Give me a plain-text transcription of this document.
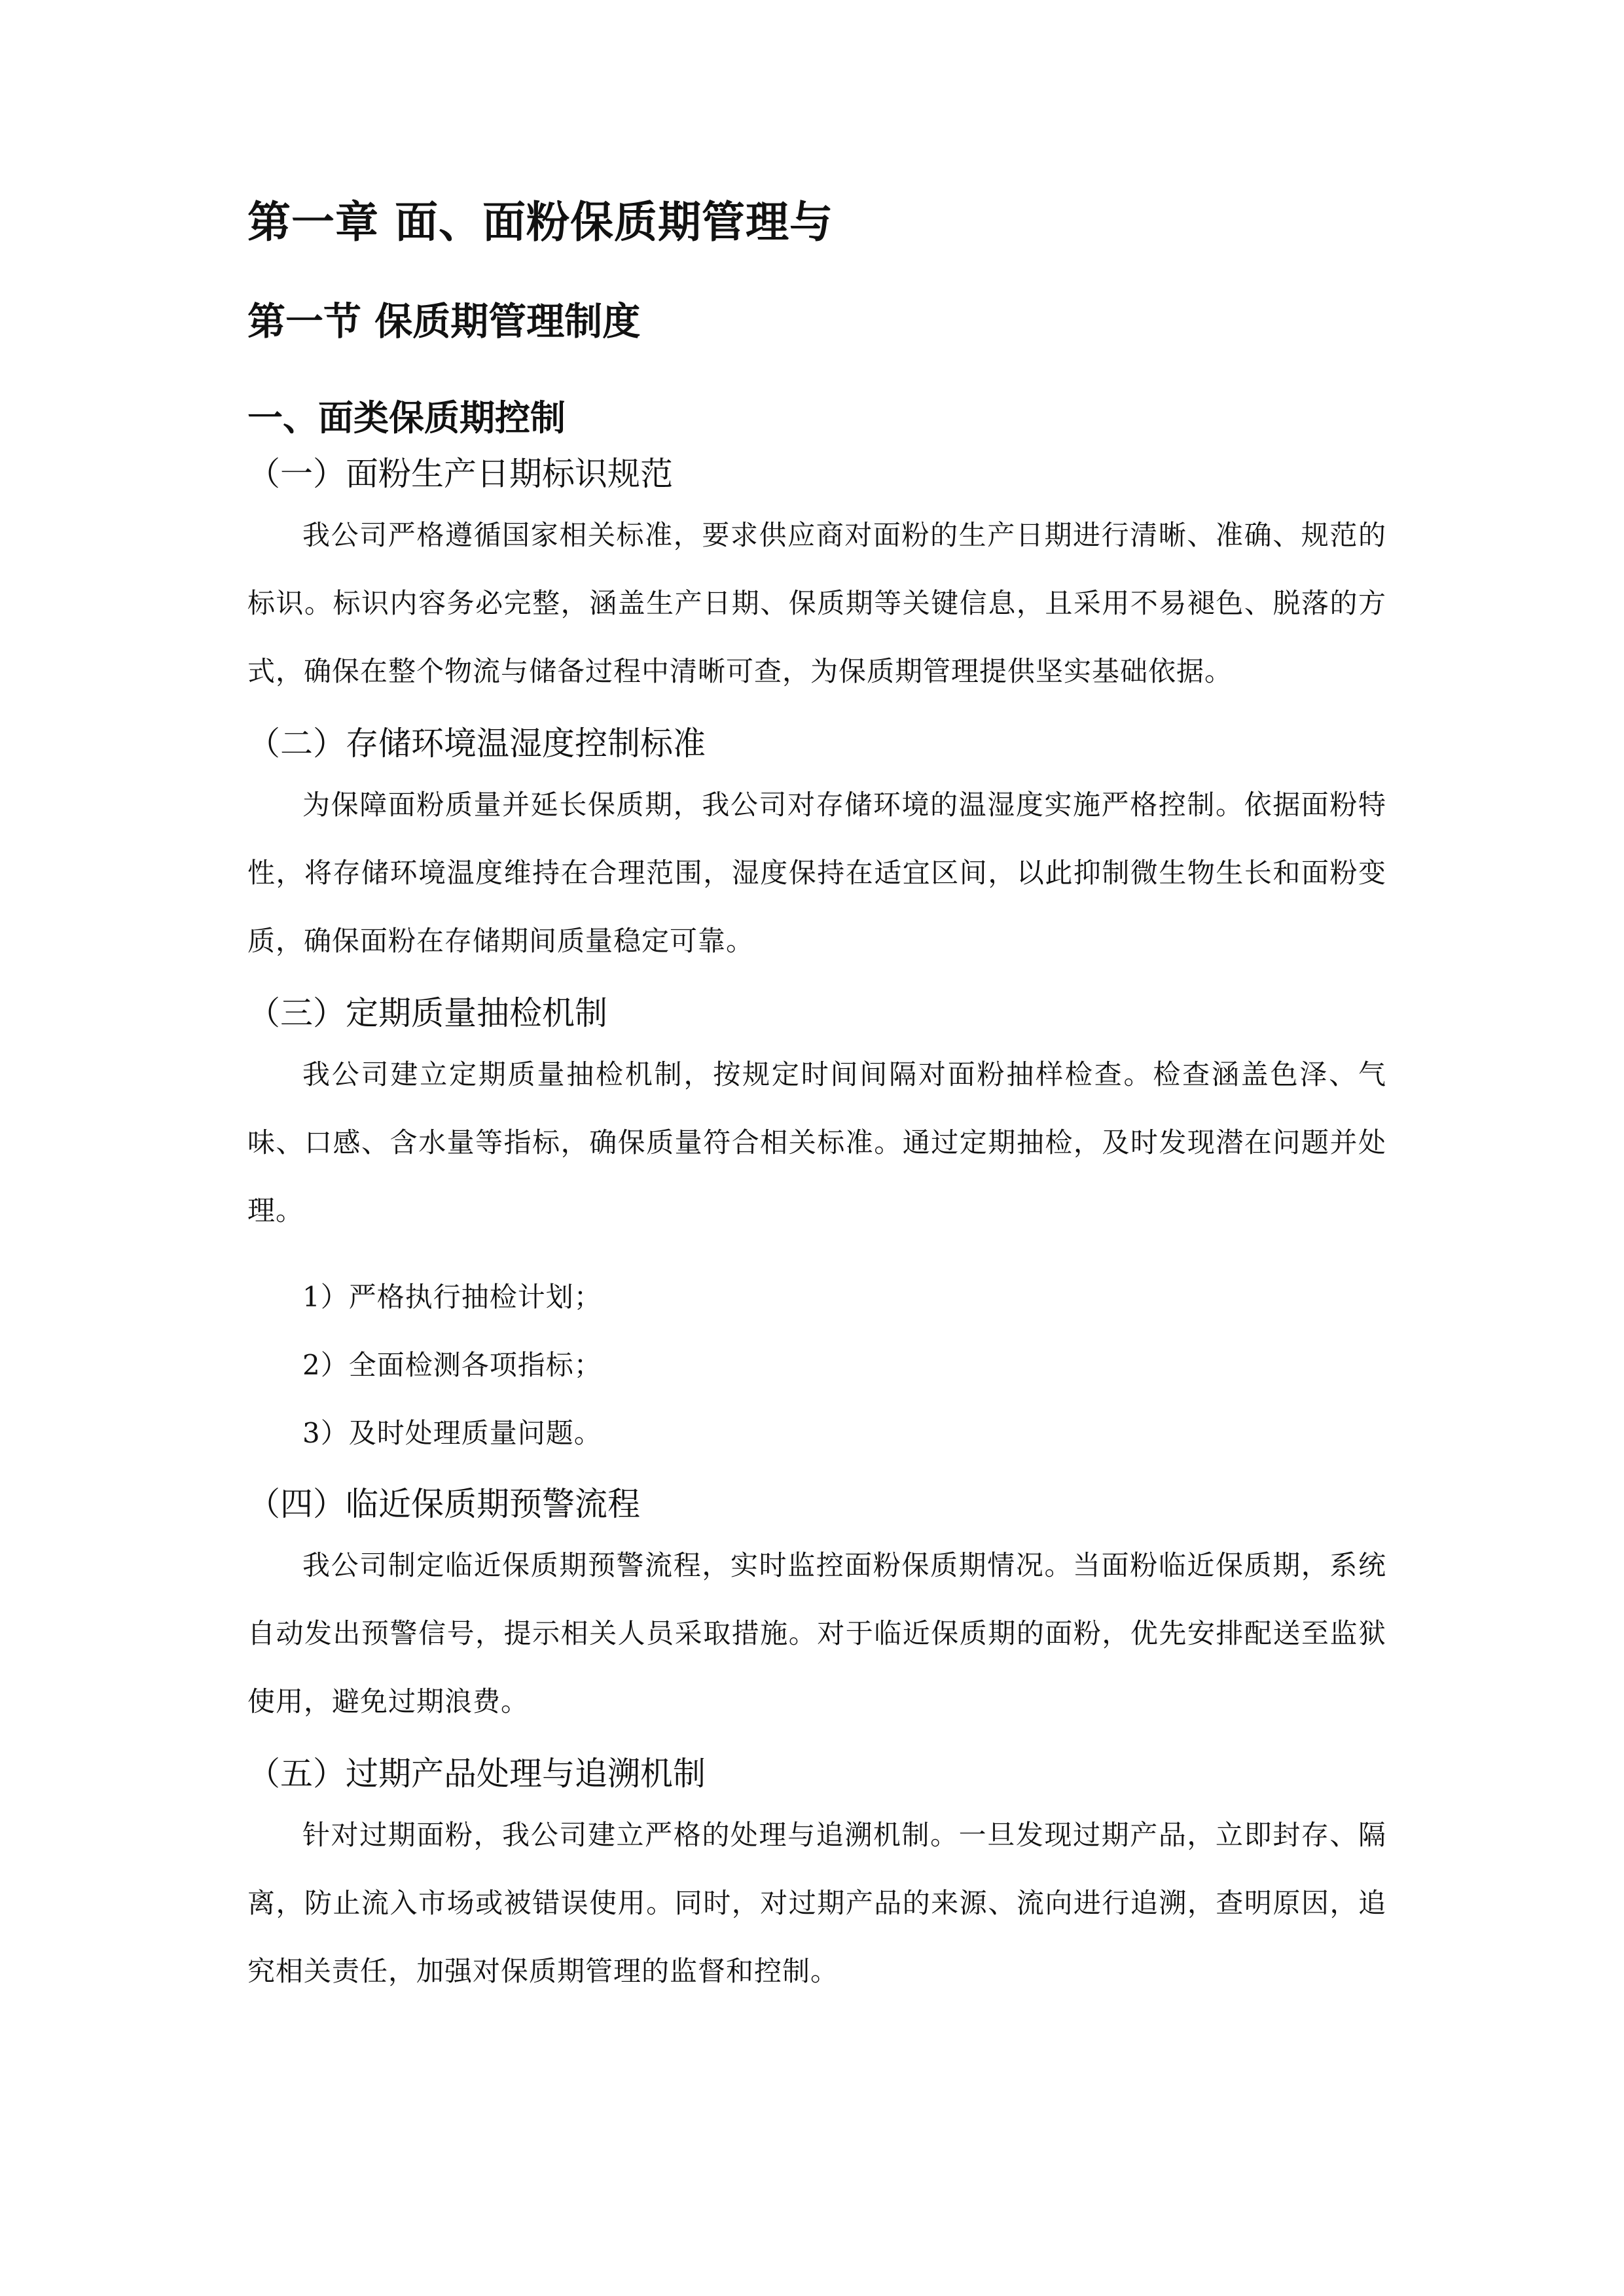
第一章 面、面粉保质期管理与
第一节 保质期管理制度
一、面类保质期控制
（一）面粉生产日期标识规范

我公司严格遵循国家相关标准，要求供应商对面粉的生产日期进行清晰、准确、规范的标识。标识内容务必完整，涵盖生产日期、保质期等关键信息，且采用不易褪色、脱落的方式，确保在整个物流与储备过程中清晰可查，为保质期管理提供坚实基础依据。

（二）存储环境温湿度控制标准

为保障面粉质量并延长保质期，我公司对存储环境的温湿度实施严格控制。依据面粉特性，将存储环境温度维持在合理范围，湿度保持在适宜区间，以此抑制微生物生长和面粉变质，确保面粉在存储期间质量稳定可靠。

（三）定期质量抽检机制

我公司建立定期质量抽检机制，按规定时间间隔对面粉抽样检查。检查涵盖色泽、气味、口感、含水量等指标，确保质量符合相关标准。通过定期抽检，及时发现潜在问题并处理。

1）严格执行抽检计划；
2）全面检测各项指标；
3）及时处理质量问题。
（四）临近保质期预警流程

我公司制定临近保质期预警流程，实时监控面粉保质期情况。当面粉临近保质期，系统自动发出预警信号，提示相关人员采取措施。对于临近保质期的面粉，优先安排配送至监狱使用，避免过期浪费。

（五）过期产品处理与追溯机制

针对过期面粉，我公司建立严格的处理与追溯机制。一旦发现过期产品，立即封存、隔离，防止流入市场或被错误使用。同时，对过期产品的来源、流向进行追溯，查明原因，追究相关责任，加强对保质期管理的监督和控制。
